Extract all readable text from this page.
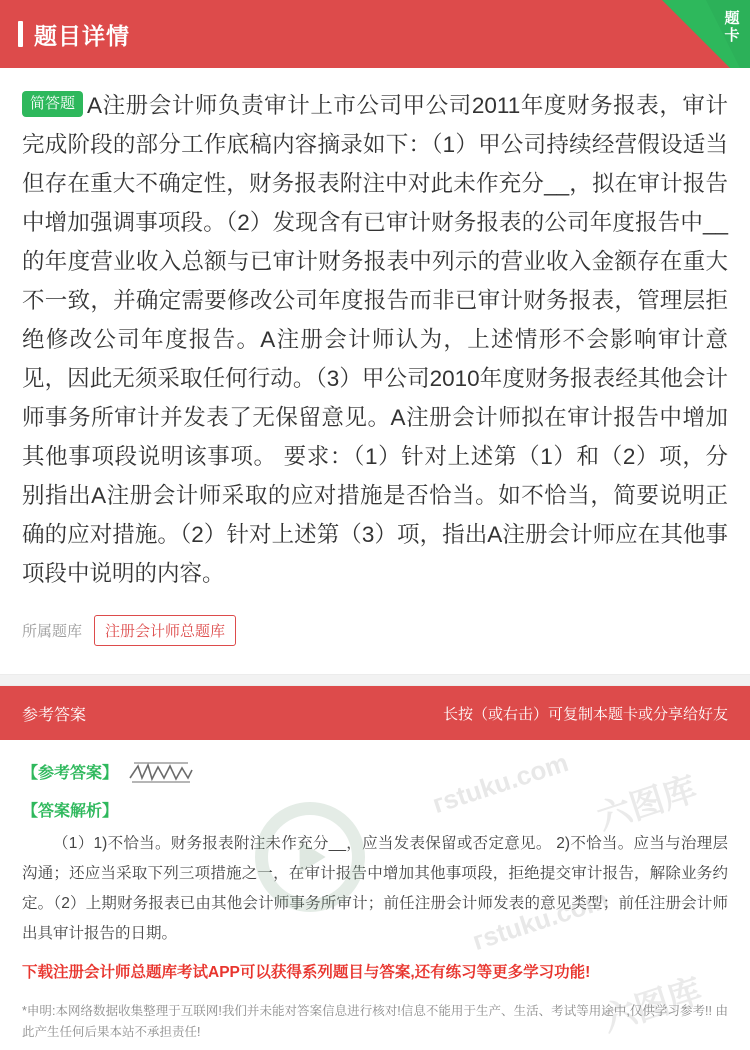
题目详情
题卡
简答题 A注册会计师负责审计上市公司甲公司2011年度财务报表，审计完成阶段的部分工作底稿内容摘录如下：（1）甲公司持续经营假设适当但存在重大不确定性，财务报表附注中对此未作充分__，拟在审计报告中增加强调事项段。（2）发现含有已审计财务报表的公司年度报告中__的年度营业收入总额与已审计财务报表中列示的营业收入金额存在重大不一致，并确定需要修改公司年度报告而非已审计财务报表，管理层拒绝修改公司年度报告。A注册会计师认为，上述情形不会影响审计意见，因此无须采取任何行动。（3）甲公司2010年度财务报表经其他会计师事务所审计并发表了无保留意见。A注册会计师拟在审计报告中增加其他事项段说明该事项。 要求：（1）针对上述第（1）和（2）项，分别指出A注册会计师采取的应对措施是否恰当。如不恰当，简要说明正确的应对措施。（2）针对上述第（3）项，指出A注册会计师应在其他事项段中说明的内容。
所属题库	注册会计师总题库
参考答案	长按（或右击）可复制本题卡或分享给好友
гstuku.com
гstuku.com
六图库
六图库
【参考答案】
【答案解析】
（1）1)不恰当。财务报表附注未作充分__，应当发表保留或否定意见。 2)不恰当。应当与治理层沟通；还应当采取下列三项措施之一，在审计报告中增加其他事项段，拒绝提交审计报告，解除业务约定。（2）上期财务报表已由其他会计师事务所审计；前任注册会计师发表的意见类型；前任注册会计师出具审计报告的日期。
下载注册会计师总题库考试APP可以获得系列题目与答案,还有练习等更多学习功能!
*申明:本网络数据收集整理于互联网!我们并未能对答案信息进行核对!信息不能用于生产、生活、考试等用途中,仅供学习参考!! 由此产生任何后果本站不承担责任!
